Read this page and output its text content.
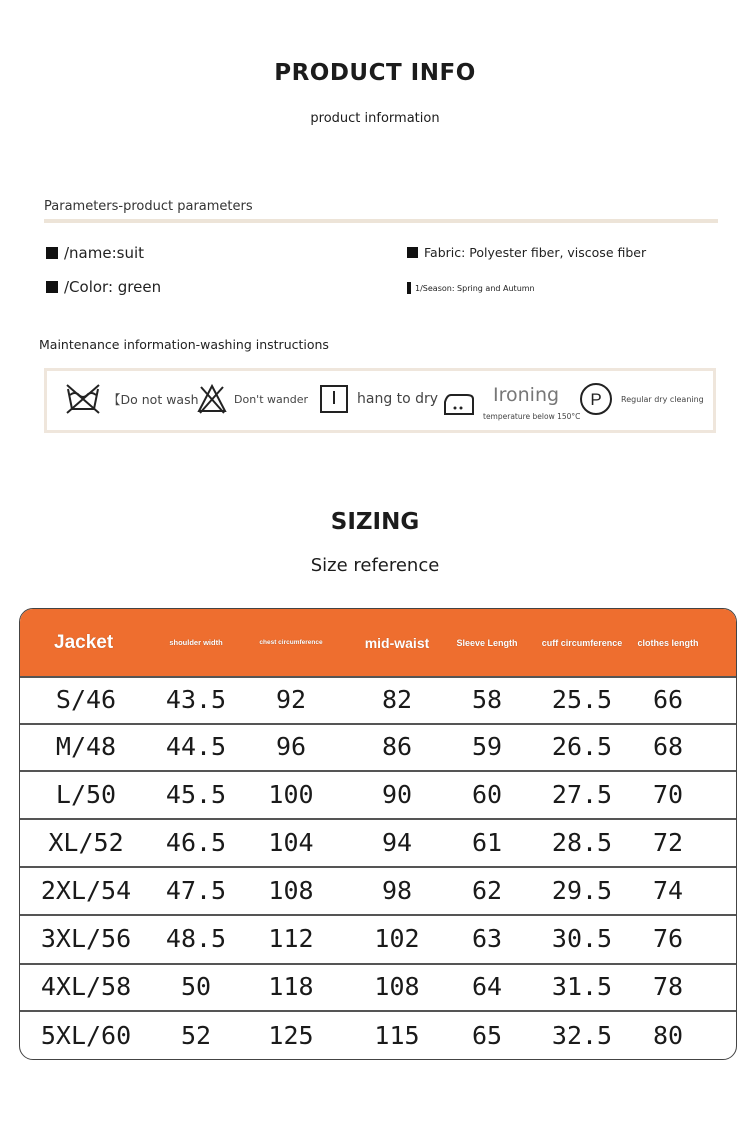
PRODUCT INFO
product information
Parameters-product parameters
/name:suit
/Color: green
Fabric: Polyester fiber, viscose fiber
1/Season: Spring and Autumn
Maintenance information-washing instructions
【Do not wash	Don't wander	hang to dry	Ironing
temperature below 150°C
P Regular dry cleaning
SIZING
Size reference
Jacket	shoulder width	chest circumference	mid-waist	Sleeve Length	cuff circumference	clothes length
S/46	43.5	92	82	58	25.5	66
M/48	44.5	96	86	59	26.5	68
L/50	45.5	100	90	60	27.5	70
XL/52	46.5	104	94	61	28.5	72
2XL/54	47.5	108	98	62	29.5	74
3XL/56	48.5	112	102	63	30.5	76
4XL/58	50	118	108	64	31.5	78
5XL/60	52	125	115	65	32.5	80
